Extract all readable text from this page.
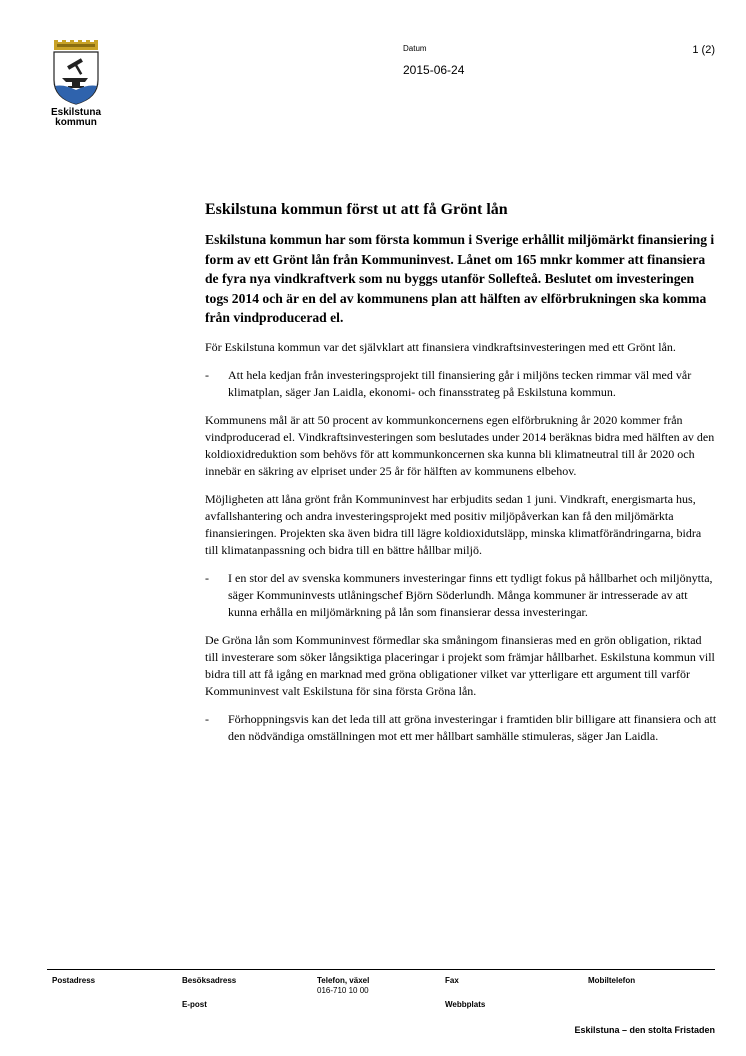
Eskilstuna
kommun
Datum
2015-06-24
1 (2)
Eskilstuna kommun först ut att få Grönt lån

Eskilstuna kommun har som första kommun i Sverige erhållit miljömärkt finansiering i form av ett Grönt lån från Kommuninvest. Lånet om 165 mnkr kommer att finansiera de fyra nya vindkraftverk som nu byggs utanför Sollefteå. Beslutet om investeringen togs 2014 och är en del av kommunens plan att hälften av elförbrukningen ska komma från vindproducerad el.

För Eskilstuna kommun var det självklart att finansiera vindkraftsinvesteringen med ett Grönt lån.

- Att hela kedjan från investeringsprojekt till finansiering går i miljöns tecken rimmar väl med vår klimatplan, säger Jan Laidla, ekonomi- och finansstrateg på Eskilstuna kommun.

Kommunens mål är att 50 procent av kommunkoncernens egen elförbrukning år 2020 kommer från vindproducerad el. Vindkraftsinvesteringen som beslutades under 2014 beräknas bidra med hälften av den koldioxidreduktion som behövs för att kommunkoncernen ska kunna bli klimatneutral till år 2020 och innebär en säkring av elpriset under 25 år för hälften av kommunens elbehov.

Möjligheten att låna grönt från Kommuninvest har erbjudits sedan 1 juni. Vindkraft, energismarta hus, avfallshantering och andra investeringsprojekt med positiv miljöpåverkan kan få den miljömärkta finansieringen. Projekten ska även bidra till lägre koldioxidutsläpp, minska klimatförändringarna, bidra till klimatanpassning och bidra till en bättre hållbar miljö.

- I en stor del av svenska kommuners investeringar finns ett tydligt fokus på hållbarhet och miljönytta, säger Kommuninvests utlåningschef Björn Söderlundh. Många kommuner är intresserade av att kunna erhålla en miljömärkning på lån som finansierar dessa investeringar.

De Gröna lån som Kommuninvest förmedlar ska småningom finansieras med en grön obligation, riktad till investerare som söker långsiktiga placeringar i projekt som främjar hållbarhet. Eskilstuna kommun vill bidra till att få igång en marknad med gröna obligationer vilket var ytterligare ett argument till varför Kommuninvest valt Eskilstuna för sina första Gröna lån.

- Förhoppningsvis kan det leda till att gröna investeringar i framtiden blir billigare att finansiera och att den nödvändiga omställningen mot ett mer hållbart samhälle stimuleras, säger Jan Laidla.
Postadress	Besöksadress	Telefon, växel
016-710 10 00
Fax	Mobiltelefon
E-post	Webbplats
Eskilstuna – den stolta Fristaden
